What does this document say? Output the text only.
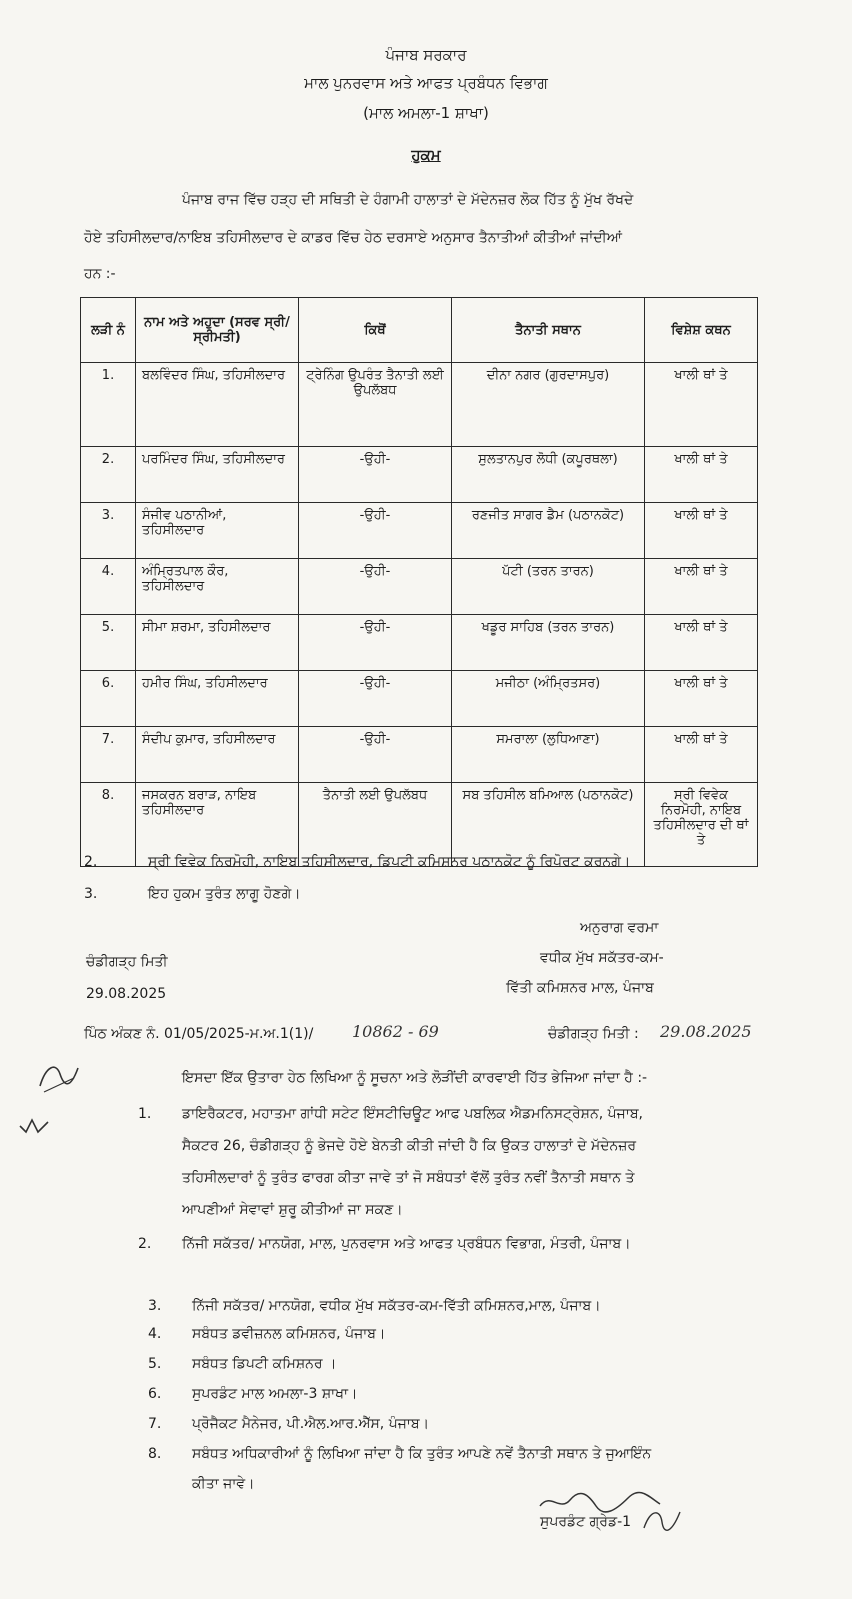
ਪੰਜਾਬ ਸਰਕਾਰ
ਮਾਲ ਪੁਨਰਵਾਸ ਅਤੇ ਆਫਤ ਪ੍ਰਬੰਧਨ ਵਿਭਾਗ
(ਮਾਲ ਅਮਲਾ-1 ਸ਼ਾਖਾ)
ਹੁਕਮ
ਪੰਜਾਬ ਰਾਜ ਵਿੱਚ ਹੜ੍ਹ ਦੀ ਸਥਿਤੀ ਦੇ ਹੰਗਾਮੀ ਹਾਲਾਤਾਂ ਦੇ ਮੱਦੇਨਜ਼ਰ ਲੋਕ ਹਿੱਤ ਨੂੰ ਮੁੱਖ ਰੱਖਦੇ
ਹੋਏ ਤਹਿਸੀਲਦਾਰ/ਨਾਇਬ ਤਹਿਸੀਲਦਾਰ ਦੇ ਕਾਡਰ ਵਿੱਚ ਹੇਠ ਦਰਸਾਏ ਅਨੁਸਾਰ ਤੈਨਾਤੀਆਂ ਕੀਤੀਆਂ ਜਾਂਦੀਆਂ
ਹਨ :-
ਲੜੀ ਨੰ	ਨਾਮ ਅਤੇ ਅਹੁਦਾ (ਸਰਵ ਸ੍ਰੀ/ਸ੍ਰੀਮਤੀ)	ਕਿਥੋਂ	ਤੈਨਾਤੀ ਸਥਾਨ	ਵਿਸ਼ੇਸ਼ ਕਥਨ
1.	ਬਲਵਿੰਦਰ ਸਿੰਘ, ਤਹਿਸੀਲਦਾਰ	ਟ੍ਰੇਨਿੰਗ ਉਪਰੰਤ ਤੈਨਾਤੀ ਲਈ ਉਪਲੱਬਧ	ਦੀਨਾ ਨਗਰ (ਗੁਰਦਾਸਪੁਰ)	ਖਾਲੀ ਥਾਂ ਤੇ
2.	ਪਰਮਿੰਦਰ ਸਿੰਘ, ਤਹਿਸੀਲਦਾਰ	-ਉਹੀ-	ਸੁਲਤਾਨਪੁਰ ਲੋਧੀ (ਕਪੂਰਥਲਾ)	ਖਾਲੀ ਥਾਂ ਤੇ
3.	ਸੰਜੀਵ ਪਠਾਨੀਆਂ, ਤਹਿਸੀਲਦਾਰ	-ਉਹੀ-	ਰਣਜੀਤ ਸਾਗਰ ਡੈਮ (ਪਠਾਨਕੋਟ)	ਖਾਲੀ ਥਾਂ ਤੇ
4.	ਅੰਮ੍ਰਿਤਪਾਲ ਕੌਰ, ਤਹਿਸੀਲਦਾਰ	-ਉਹੀ-	ਪੱਟੀ (ਤਰਨ ਤਾਰਨ)	ਖਾਲੀ ਥਾਂ ਤੇ
5.	ਸੀਮਾ ਸ਼ਰਮਾ, ਤਹਿਸੀਲਦਾਰ	-ਉਹੀ-	ਖਡੂਰ ਸਾਹਿਬ (ਤਰਨ ਤਾਰਨ)	ਖਾਲੀ ਥਾਂ ਤੇ
6.	ਹਮੀਰ ਸਿੰਘ, ਤਹਿਸੀਲਦਾਰ	-ਉਹੀ-	ਮਜੀਠਾ (ਅੰਮ੍ਰਿਤਸਰ)	ਖਾਲੀ ਥਾਂ ਤੇ
7.	ਸੰਦੀਪ ਕੁਮਾਰ, ਤਹਿਸੀਲਦਾਰ	-ਉਹੀ-	ਸਮਰਾਲਾ (ਲੁਧਿਆਣਾ)	ਖਾਲੀ ਥਾਂ ਤੇ
8.	ਜਸਕਰਨ ਬਰਾੜ, ਨਾਇਬ ਤਹਿਸੀਲਦਾਰ	ਤੈਨਾਤੀ ਲਈ ਉਪਲੱਬਧ	ਸਬ ਤਹਿਸੀਲ ਬਮਿਆਲ (ਪਠਾਨਕੋਟ)	ਸ੍ਰੀ ਵਿਵੇਕ ਨਿਰਮੋਹੀ, ਨਾਇਬ ਤਹਿਸੀਲਦਾਰ ਦੀ ਥਾਂ ਤੇ
2.	ਸ੍ਰੀ ਵਿਵੇਕ ਨਿਰਮੋਹੀ, ਨਾਇਬ ਤਹਿਸੀਲਦਾਰ, ਡਿਪਟੀ ਕਮਿਸ਼ਨਰ ਪਠਾਨਕੋਟ ਨੂੰ ਰਿਪੋਰਟ ਕਰਨਗੇ।
3.	ਇਹ ਹੁਕਮ ਤੁਰੰਤ ਲਾਗੂ ਹੋਣਗੇ।
ਅਨੁਰਾਗ ਵਰਮਾ
ਵਧੀਕ ਮੁੱਖ ਸਕੱਤਰ-ਕਮ-
ਵਿੱਤੀ ਕਮਿਸ਼ਨਰ ਮਾਲ, ਪੰਜਾਬ
ਚੰਡੀਗੜ੍ਹ ਮਿਤੀ
29.08.2025
ਪਿੰਠ ਅੰਕਣ ਨੰ. 01/05/2025-ਮ.ਅ.1(1)/ 10862 - 69	ਚੰਡੀਗੜ੍ਹ ਮਿਤੀ : 29.08.2025
ਇਸਦਾ ਇੱਕ ਉਤਾਰਾ ਹੇਠ ਲਿਖਿਆ ਨੂੰ ਸੂਚਨਾ ਅਤੇ ਲੋੜੀਂਦੀ ਕਾਰਵਾਈ ਹਿੱਤ ਭੇਜਿਆ ਜਾਂਦਾ ਹੈ :-
1. ਡਾਇਰੈਕਟਰ, ਮਹਾਤਮਾ ਗਾਂਧੀ ਸਟੇਟ ਇੰਸਟੀਚਿਊਟ ਆਫ ਪਬਲਿਕ ਐਡਮਨਿਸਟ੍ਰੇਸ਼ਨ, ਪੰਜਾਬ,
ਸੈਕਟਰ 26, ਚੰਡੀਗੜ੍ਹ ਨੂੰ ਭੇਜਦੇ ਹੋਏ ਬੇਨਤੀ ਕੀਤੀ ਜਾਂਦੀ ਹੈ ਕਿ ਉਕਤ ਹਾਲਾਤਾਂ ਦੇ ਮੱਦੇਨਜ਼ਰ
ਤਹਿਸੀਲਦਾਰਾਂ ਨੂੰ ਤੁਰੰਤ ਫਾਰਗ ਕੀਤਾ ਜਾਵੇ ਤਾਂ ਜੋ ਸਬੰਧਤਾਂ ਵੱਲੋਂ ਤੁਰੰਤ ਨਵੀਂ ਤੈਨਾਤੀ ਸਥਾਨ ਤੇ
ਆਪਣੀਆਂ ਸੇਵਾਵਾਂ ਸ਼ੁਰੂ ਕੀਤੀਆਂ ਜਾ ਸਕਣ।
2. ਨਿੱਜੀ ਸਕੱਤਰ/ ਮਾਨਯੋਗ, ਮਾਲ, ਪੁਨਰਵਾਸ ਅਤੇ ਆਫਤ ਪ੍ਰਬੰਧਨ ਵਿਭਾਗ, ਮੰਤਰੀ, ਪੰਜਾਬ।
3. ਨਿੱਜੀ ਸਕੱਤਰ/ ਮਾਨਯੋਗ, ਵਧੀਕ ਮੁੱਖ ਸਕੱਤਰ-ਕਮ-ਵਿੱਤੀ ਕਮਿਸ਼ਨਰ,ਮਾਲ, ਪੰਜਾਬ।
4. ਸਬੰਧਤ ਡਵੀਜ਼ਨਲ ਕਮਿਸ਼ਨਰ, ਪੰਜਾਬ।
5. ਸਬੰਧਤ ਡਿਪਟੀ ਕਮਿਸ਼ਨਰ ।
6. ਸੁਪਰਡੰਟ ਮਾਲ ਅਮਲਾ-3 ਸ਼ਾਖਾ।
7. ਪ੍ਰੋਜੈਕਟ ਮੈਨੇਜਰ, ਪੀ.ਐਲ.ਆਰ.ਐੱਸ, ਪੰਜਾਬ।
8. ਸਬੰਧਤ ਅਧਿਕਾਰੀਆਂ ਨੂੰ ਲਿਖਿਆ ਜਾਂਦਾ ਹੈ ਕਿ ਤੁਰੰਤ ਆਪਣੇ ਨਵੇਂ ਤੈਨਾਤੀ ਸਥਾਨ ਤੇ ਜੁਆਇੰਨ
ਕੀਤਾ ਜਾਵੇ।
ਸੁਪਰਡੰਟ ਗ੍ਰੇਡ-1
